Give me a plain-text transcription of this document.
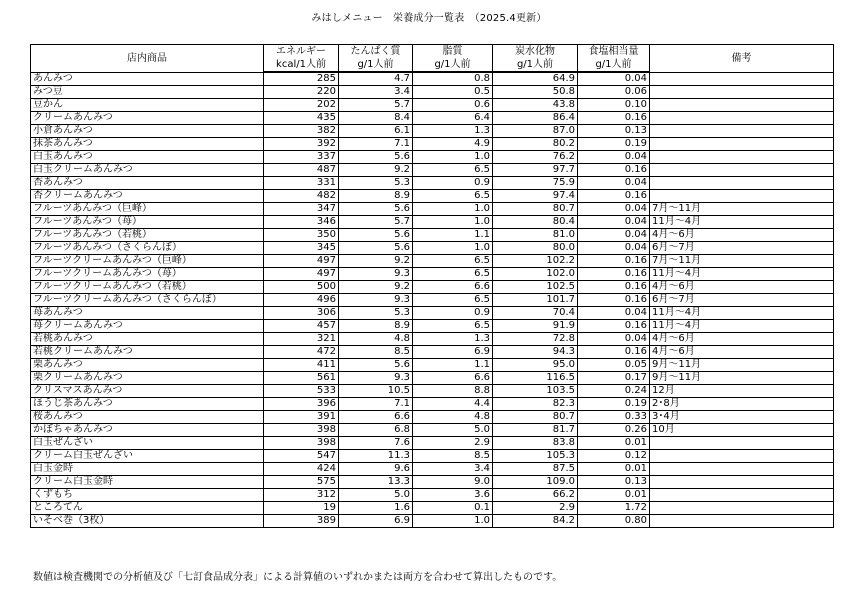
みはしメニュー　栄養成分一覧表　（2025.4更新）
店内商品	エネルギー	たんぱく質	脂質	炭水化物	食塩相当量	備考
	kcal/1人前	g/1人前	g/1人前	g/1人前	g/1人前	
あんみつ	285	4.7	0.8	64.9	0.04	
みつ豆	220	3.4	0.5	50.8	0.06	
豆かん	202	5.7	0.6	43.8	0.10	
クリームあんみつ	435	8.4	6.4	86.4	0.16	
小倉あんみつ	382	6.1	1.3	87.0	0.13	
抹茶あんみつ	392	7.1	4.9	80.2	0.19	
白玉あんみつ	337	5.6	1.0	76.2	0.04	
白玉クリームあんみつ	487	9.2	6.5	97.7	0.16	
杏あんみつ	331	5.3	0.9	75.9	0.04	
杏クリームあんみつ	482	8.9	6.5	97.4	0.16	
フルーツあんみつ（巨峰）	347	5.6	1.0	80.7	0.04	7月～11月
フルーツあんみつ（苺）	346	5.7	1.0	80.4	0.04	11月～4月
フルーツあんみつ（若桃）	350	5.6	1.1	81.0	0.04	4月～6月
フルーツあんみつ（さくらんぼ）	345	5.6	1.0	80.0	0.04	6月～7月
フルーツクリームあんみつ（巨峰）	497	9.2	6.5	102.2	0.16	7月～11月
フルーツクリームあんみつ（苺）	497	9.3	6.5	102.0	0.16	11月～4月
フルーツクリームあんみつ（若桃）	500	9.2	6.6	102.5	0.16	4月～6月
フルーツクリームあんみつ（さくらんぼ）	496	9.3	6.5	101.7	0.16	6月～7月
苺あんみつ	306	5.3	0.9	70.4	0.04	11月～4月
苺クリームあんみつ	457	8.9	6.5	91.9	0.16	11月～4月
若桃あんみつ	321	4.8	1.3	72.8	0.04	4月～6月
若桃クリームあんみつ	472	8.5	6.9	94.3	0.16	4月～6月
栗あんみつ	411	5.6	1.1	95.0	0.05	9月～11月
栗クリームあんみつ	561	9.3	6.6	116.5	0.17	9月～11月
クリスマスあんみつ	533	10.5	8.8	103.5	0.24	12月
ほうじ茶あんみつ	396	7.1	4.4	82.3	0.19	2･8月
桜あんみつ	391	6.6	4.8	80.7	0.33	3･4月
かぼちゃあんみつ	398	6.8	5.0	81.7	0.26	10月
白玉ぜんざい	398	7.6	2.9	83.8	0.01	
クリーム白玉ぜんざい	547	11.3	8.5	105.3	0.12	
白玉金時	424	9.6	3.4	87.5	0.01	
クリーム白玉金時	575	13.3	9.0	109.0	0.13	
くずもち	312	5.0	3.6	66.2	0.01	
ところてん	19	1.6	0.1	2.9	1.72	
いそべ巻（3枚）	389	6.9	1.0	84.2	0.80	
数値は検査機関での分析値及び「七訂食品成分表」による計算値のいずれかまたは両方を合わせて算出したものです。
